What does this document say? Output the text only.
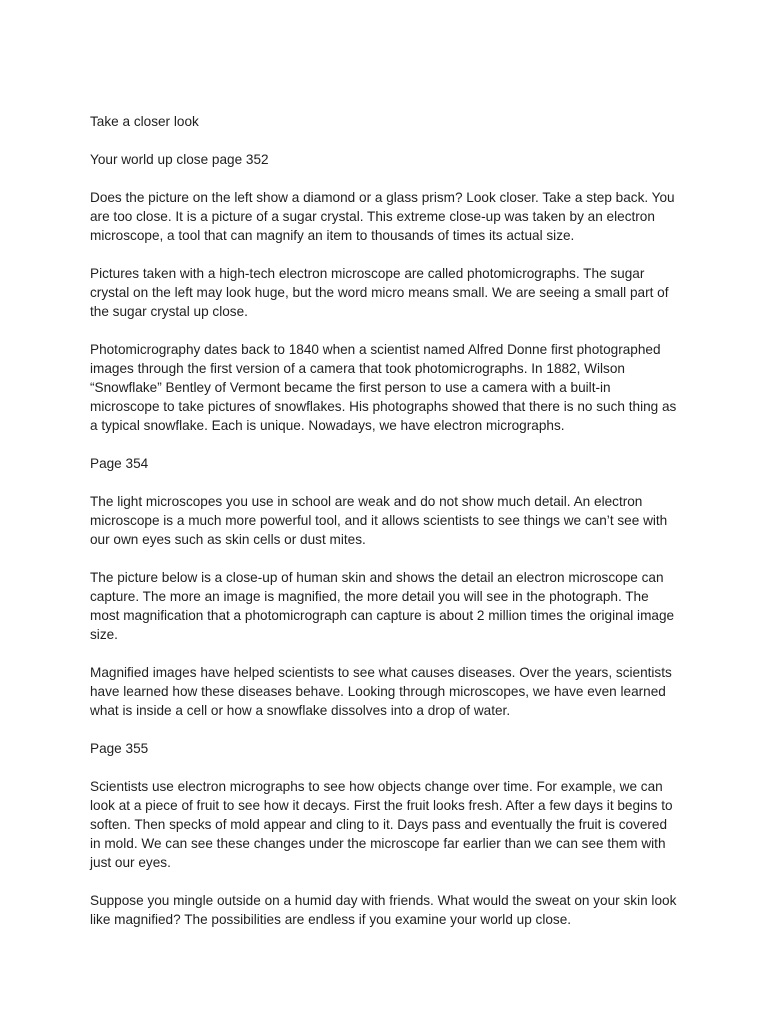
Take a closer look

Your world up close page 352

Does the picture on the left show a diamond or a glass prism? Look closer. Take a step back. You are too close. It is a picture of a sugar crystal. This extreme close-up was taken by an electron microscope, a tool that can magnify an item to thousands of times its actual size.

Pictures taken with a high-tech electron microscope are called photomicrographs. The sugar crystal on the left may look huge, but the word micro means small. We are seeing a small part of the sugar crystal up close.

Photomicrography dates back to 1840 when a scientist named Alfred Donne first photographed images through the first version of a camera that took photomicrographs. In 1882, Wilson “Snowflake” Bentley of Vermont became the first person to use a camera with a built-in microscope to take pictures of snowflakes. His photographs showed that there is no such thing as a typical snowflake. Each is unique. Nowadays, we have electron micrographs.

Page 354

The light microscopes you use in school are weak and do not show much detail. An electron microscope is a much more powerful tool, and it allows scientists to see things we can’t see with our own eyes such as skin cells or dust mites.

The picture below is a close-up of human skin and shows the detail an electron microscope can capture. The more an image is magnified, the more detail you will see in the photograph. The most magnification that a photomicrograph can capture is about 2 million times the original image size.

Magnified images have helped scientists to see what causes diseases. Over the years, scientists have learned how these diseases behave. Looking through microscopes, we have even learned what is inside a cell or how a snowflake dissolves into a drop of water.

Page 355

Scientists use electron micrographs to see how objects change over time. For example, we can look at a piece of fruit to see how it decays. First the fruit looks fresh. After a few days it begins to soften. Then specks of mold appear and cling to it. Days pass and eventually the fruit is covered in mold. We can see these changes under the microscope far earlier than we can see them with just our eyes.

Suppose you mingle outside on a humid day with friends. What would the sweat on your skin look like magnified? The possibilities are endless if you examine your world up close.
